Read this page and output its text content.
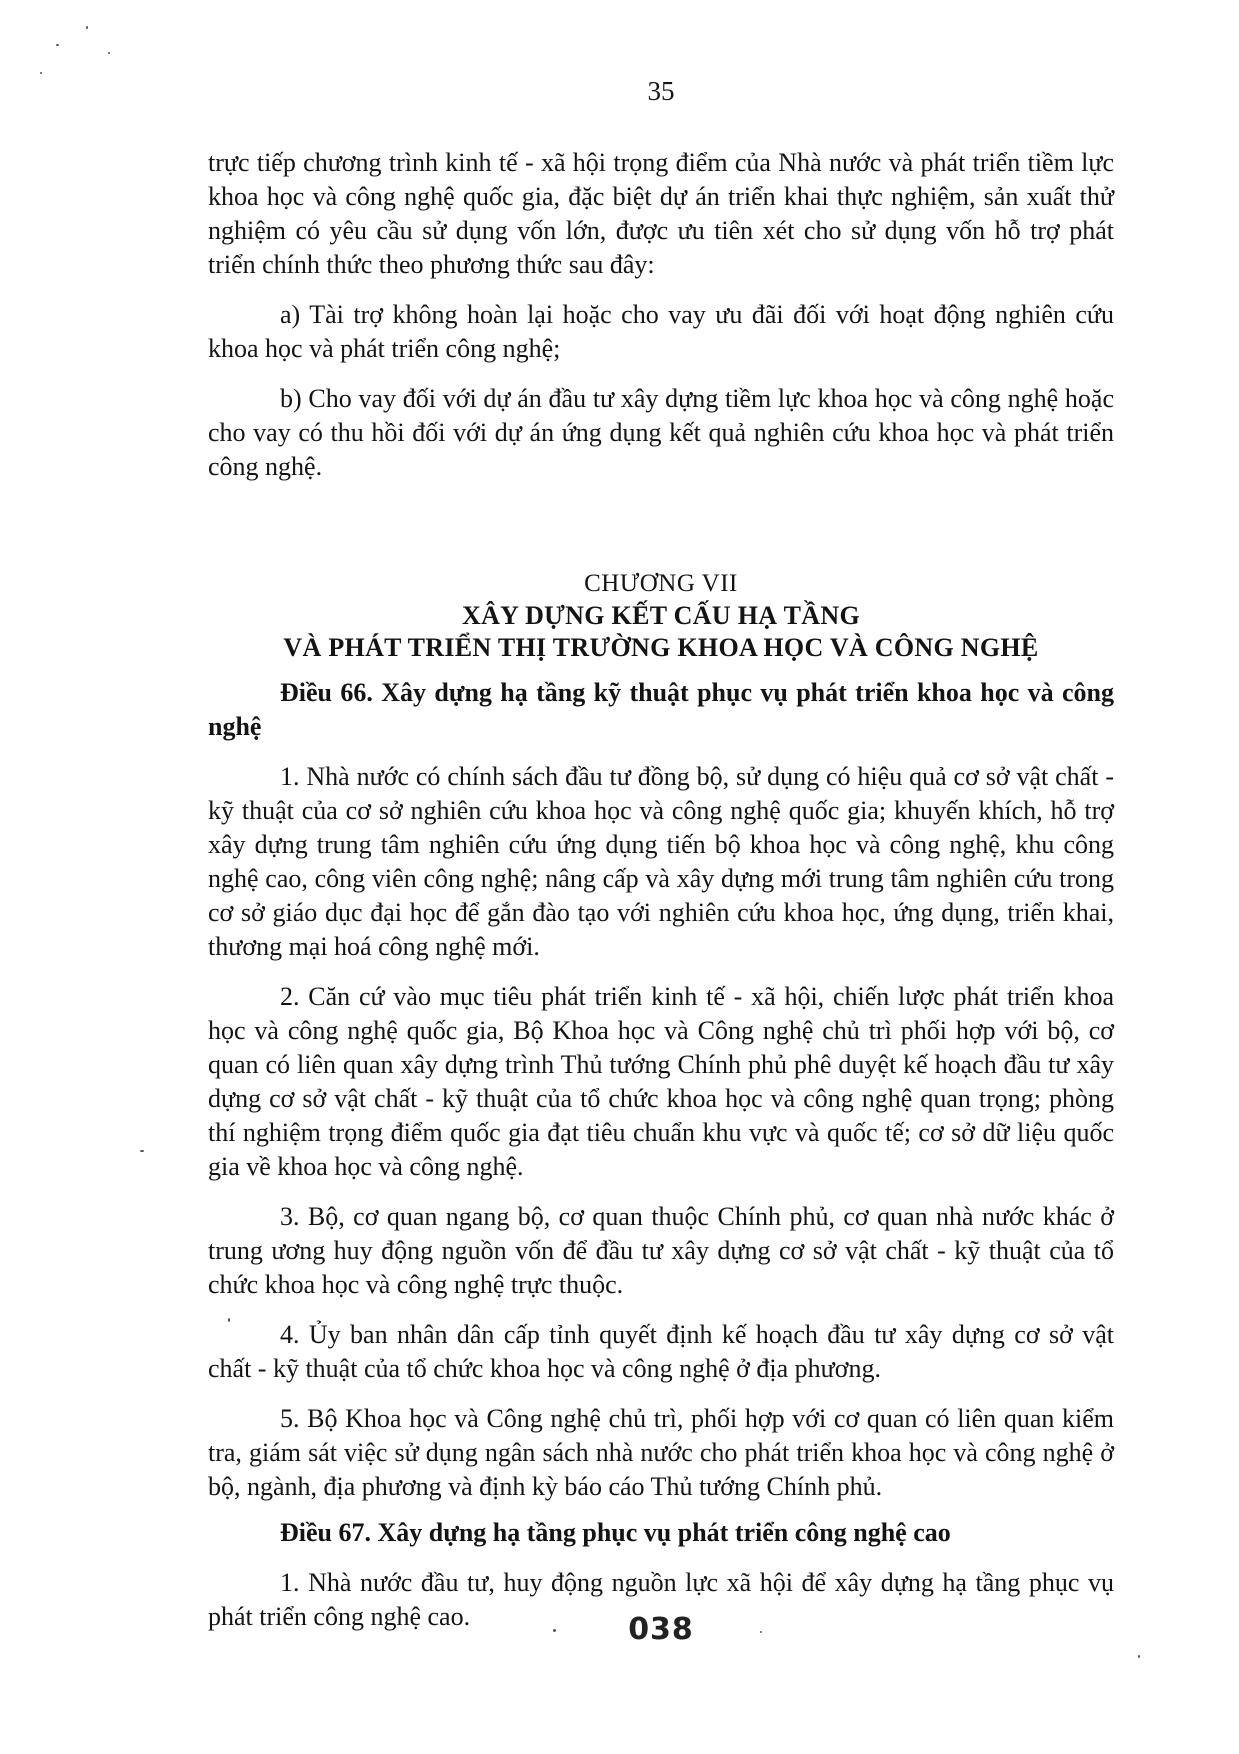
35

trực tiếp chương trình kinh tế - xã hội trọng điểm của Nhà nước và phát triển tiềm lực khoa học và công nghệ quốc gia, đặc biệt dự án triển khai thực nghiệm, sản xuất thử nghiệm có yêu cầu sử dụng vốn lớn, được ưu tiên xét cho sử dụng vốn hỗ trợ phát triển chính thức theo phương thức sau đây:

a) Tài trợ không hoàn lại hoặc cho vay ưu đãi đối với hoạt động nghiên cứu khoa học và phát triển công nghệ;

b) Cho vay đối với dự án đầu tư xây dựng tiềm lực khoa học và công nghệ hoặc cho vay có thu hồi đối với dự án ứng dụng kết quả nghiên cứu khoa học và phát triển công nghệ.

CHƯƠNG VII
XÂY DỰNG KẾT CẤU HẠ TẦNG
VÀ PHÁT TRIỂN THỊ TRƯỜNG KHOA HỌC VÀ CÔNG NGHỆ

Điều 66. Xây dựng hạ tầng kỹ thuật phục vụ phát triển khoa học và công nghệ

1. Nhà nước có chính sách đầu tư đồng bộ, sử dụng có hiệu quả cơ sở vật chất - kỹ thuật của cơ sở nghiên cứu khoa học và công nghệ quốc gia; khuyến khích, hỗ trợ xây dựng trung tâm nghiên cứu ứng dụng tiến bộ khoa học và công nghệ, khu công nghệ cao, công viên công nghệ; nâng cấp và xây dựng mới trung tâm nghiên cứu trong cơ sở giáo dục đại học để gắn đào tạo với nghiên cứu khoa học, ứng dụng, triển khai, thương mại hoá công nghệ mới.

2. Căn cứ vào mục tiêu phát triển kinh tế - xã hội, chiến lược phát triển khoa học và công nghệ quốc gia, Bộ Khoa học và Công nghệ chủ trì phối hợp với bộ, cơ quan có liên quan xây dựng trình Thủ tướng Chính phủ phê duyệt kế hoạch đầu tư xây dựng cơ sở vật chất - kỹ thuật của tổ chức khoa học và công nghệ quan trọng; phòng thí nghiệm trọng điểm quốc gia đạt tiêu chuẩn khu vực và quốc tế; cơ sở dữ liệu quốc gia về khoa học và công nghệ.

3. Bộ, cơ quan ngang bộ, cơ quan thuộc Chính phủ, cơ quan nhà nước khác ở trung ương huy động nguồn vốn để đầu tư xây dựng cơ sở vật chất - kỹ thuật của tổ chức khoa học và công nghệ trực thuộc.

4. Ủy ban nhân dân cấp tỉnh quyết định kế hoạch đầu tư xây dựng cơ sở vật chất - kỹ thuật của tổ chức khoa học và công nghệ ở địa phương.

5. Bộ Khoa học và Công nghệ chủ trì, phối hợp với cơ quan có liên quan kiểm tra, giám sát việc sử dụng ngân sách nhà nước cho phát triển khoa học và công nghệ ở bộ, ngành, địa phương và định kỳ báo cáo Thủ tướng Chính phủ.

Điều 67. Xây dựng hạ tầng phục vụ phát triển công nghệ cao

1. Nhà nước đầu tư, huy động nguồn lực xã hội để xây dựng hạ tầng phục vụ phát triển công nghệ cao.	038
